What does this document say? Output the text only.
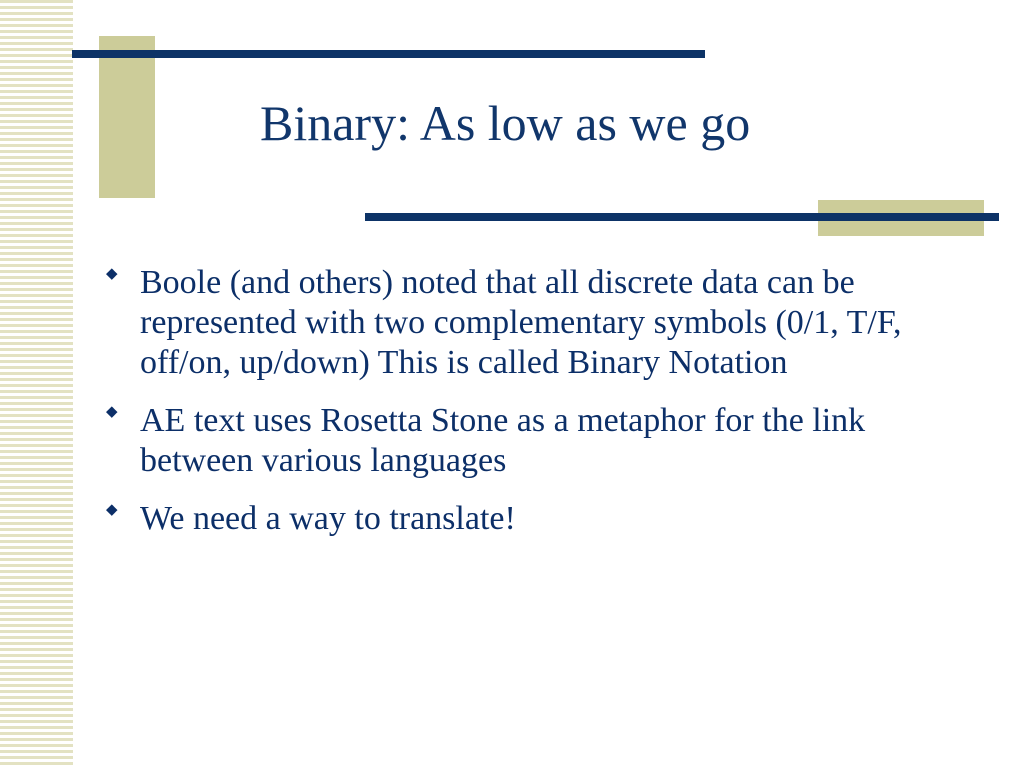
Binary: As low as we go
◆ Boole (and others) noted that all discrete data can be represented with two complementary symbols (0/1, T/F, off/on, up/down) This is called Binary Notation
◆ AE text uses Rosetta Stone as a metaphor for the link between various languages
◆ We need a way to translate!
